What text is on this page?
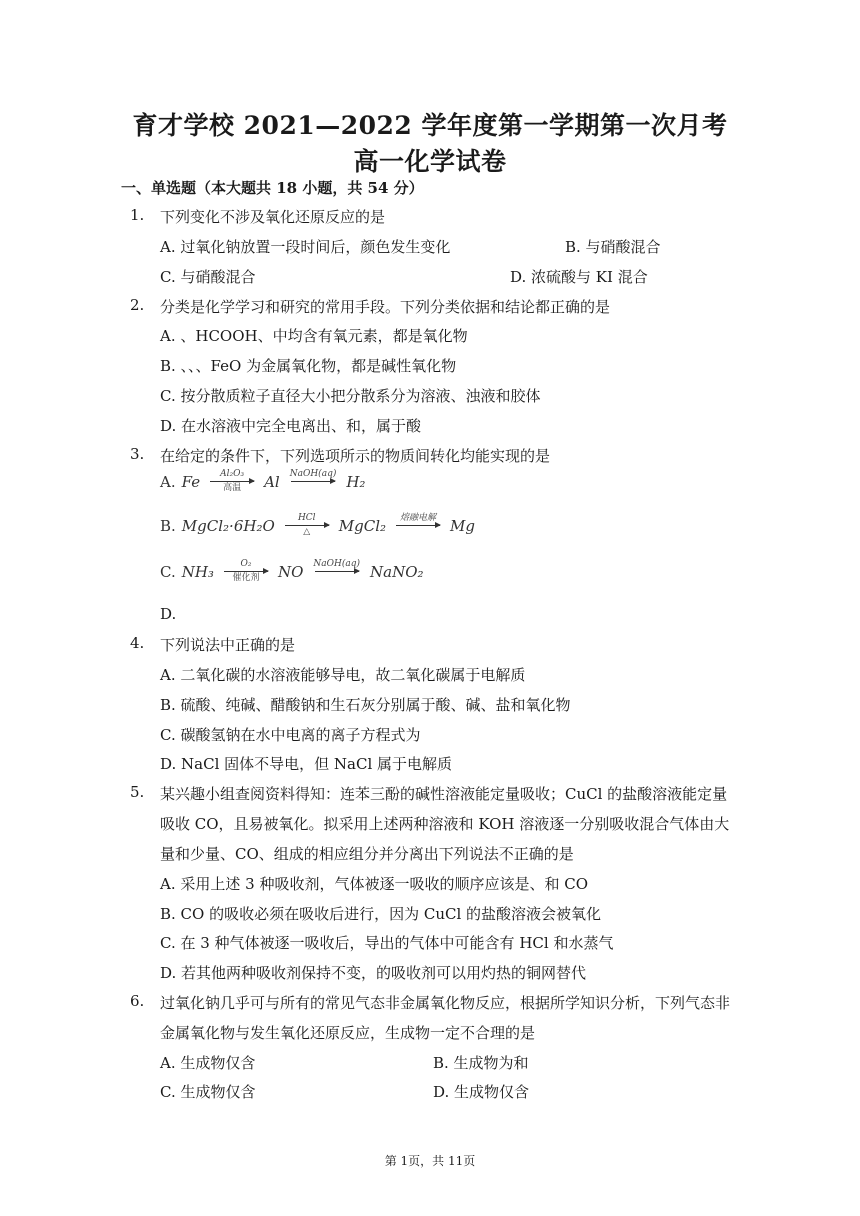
育才学校 2021—2022 学年度第一学期第一次月考
高一化学试卷
一、单选题（本大题共 18 小题，共 54 分）
1. 下列变化不涉及氧化还原反应的是
A. 过氧化钠放置一段时间后，颜色发生变化	B. 与硝酸混合
C. 与硝酸混合	D. 浓硫酸与 KI 混合
2. 分类是化学学习和研究的常用手段。下列分类依据和结论都正确的是
A. 、HCOOH、中均含有氧元素，都是氧化物
B. 、、、FeO 为金属氧化物，都是碱性氧化物
C. 按分散质粒子直径大小把分散系分为溶液、浊液和胶体
D. 在水溶液中完全电离出、和，属于酸
3. 在给定的条件下，下列选项所示的物质间转化均能实现的是
A. Fe Al₂O₃
高温 Al NaOH(aq)
H₂
B. MgCl₂·6H₂O	HCl
△ MgCl₂ 熔融电解
Mg
C. NH₃	O₂
催化剂 NO NaOH(aq)
NaNO₂
D.
4. 下列说法中正确的是
A. 二氧化碳的水溶液能够导电，故二氧化碳属于电解质
B. 硫酸、纯碱、醋酸钠和生石灰分别属于酸、碱、盐和氧化物
C. 碳酸氢钠在水中电离的离子方程式为
D. NaCl 固体不导电，但 NaCl 属于电解质
5. 某兴趣小组查阅资料得知：连苯三酚的碱性溶液能定量吸收；CuCl 的盐酸溶液能定量
吸收 CO，且易被氧化。拟采用上述两种溶液和 KOH 溶液逐一分别吸收混合气体由大
量和少量、CO、组成的相应组分并分离出下列说法不正确的是
A. 采用上述 3 种吸收剂，气体被逐一吸收的顺序应该是、和 CO
B. CO 的吸收必须在吸收后进行，因为 CuCl 的盐酸溶液会被氧化
C. 在 3 种气体被逐一吸收后，导出的气体中可能含有 HCl 和水蒸气
D. 若其他两种吸收剂保持不变，的吸收剂可以用灼热的铜网替代
6. 过氧化钠几乎可与所有的常见气态非金属氧化物反应，根据所学知识分析，下列气态非
金属氧化物与发生氧化还原反应，生成物一定不合理的是
A. 生成物仅含	B. 生成物为和
C. 生成物仅含	D. 生成物仅含
第 1页，共 11页
